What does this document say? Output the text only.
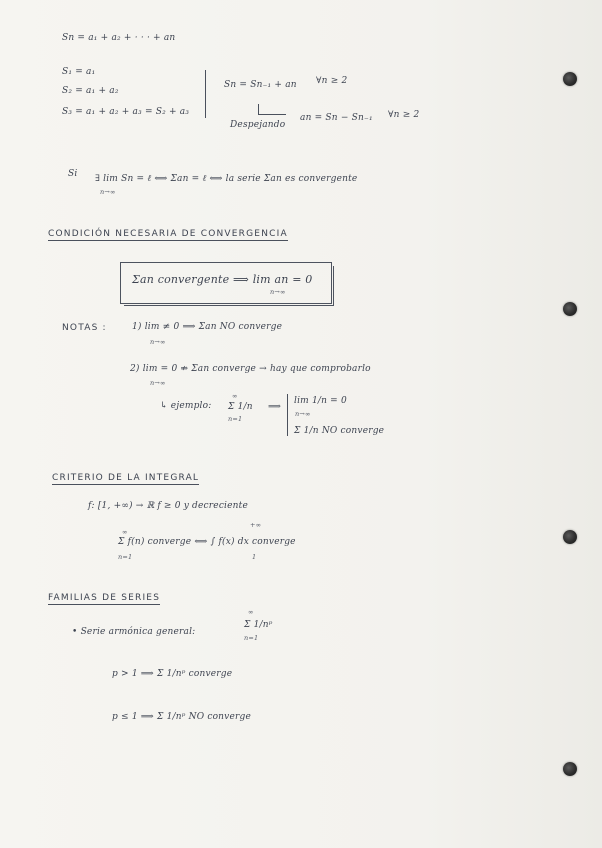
Sn = a₁ + a₂ + · · · + an
S₁ = a₁
S₂ = a₁ + a₂
S₃ = a₁ + a₂ + a₃ = S₂ + a₃
Sn = Sn₋₁ + an ∀n ≥ 2
Despejando
an = Sn − Sn₋₁ ∀n ≥ 2
Si ∃ lim Sn = ℓ ⟺ Σan = ℓ ⟺ la serie Σan es convergente
n→∞
CONDICIÓN NECESARIA DE CONVERGENCIA
Σan convergente ⟹ lim an = 0
n→∞
NOTAS :	1) lim ≠ 0 ⟹ Σan NO converge
n→∞
2) lim = 0 ⇏ Σan converge → hay que comprobarlo
n→∞
↳ ejemplo:
∞
Σ 1/n
n=1
⟹
lim 1/n = 0
n→∞
Σ 1/n NO converge
CRITERIO DE LA INTEGRAL
f: [1, +∞) → ℝ f ≥ 0 y decreciente
∞
+∞
Σ f(n) converge ⟺ ∫ f(x) dx converge
n=1	1
FAMILIAS DE SERIES
• Serie armónica general:
∞
Σ 1/nᵖ
n=1
p > 1 ⟹ Σ 1/nᵖ converge
p ≤ 1 ⟹ Σ 1/nᵖ NO converge
